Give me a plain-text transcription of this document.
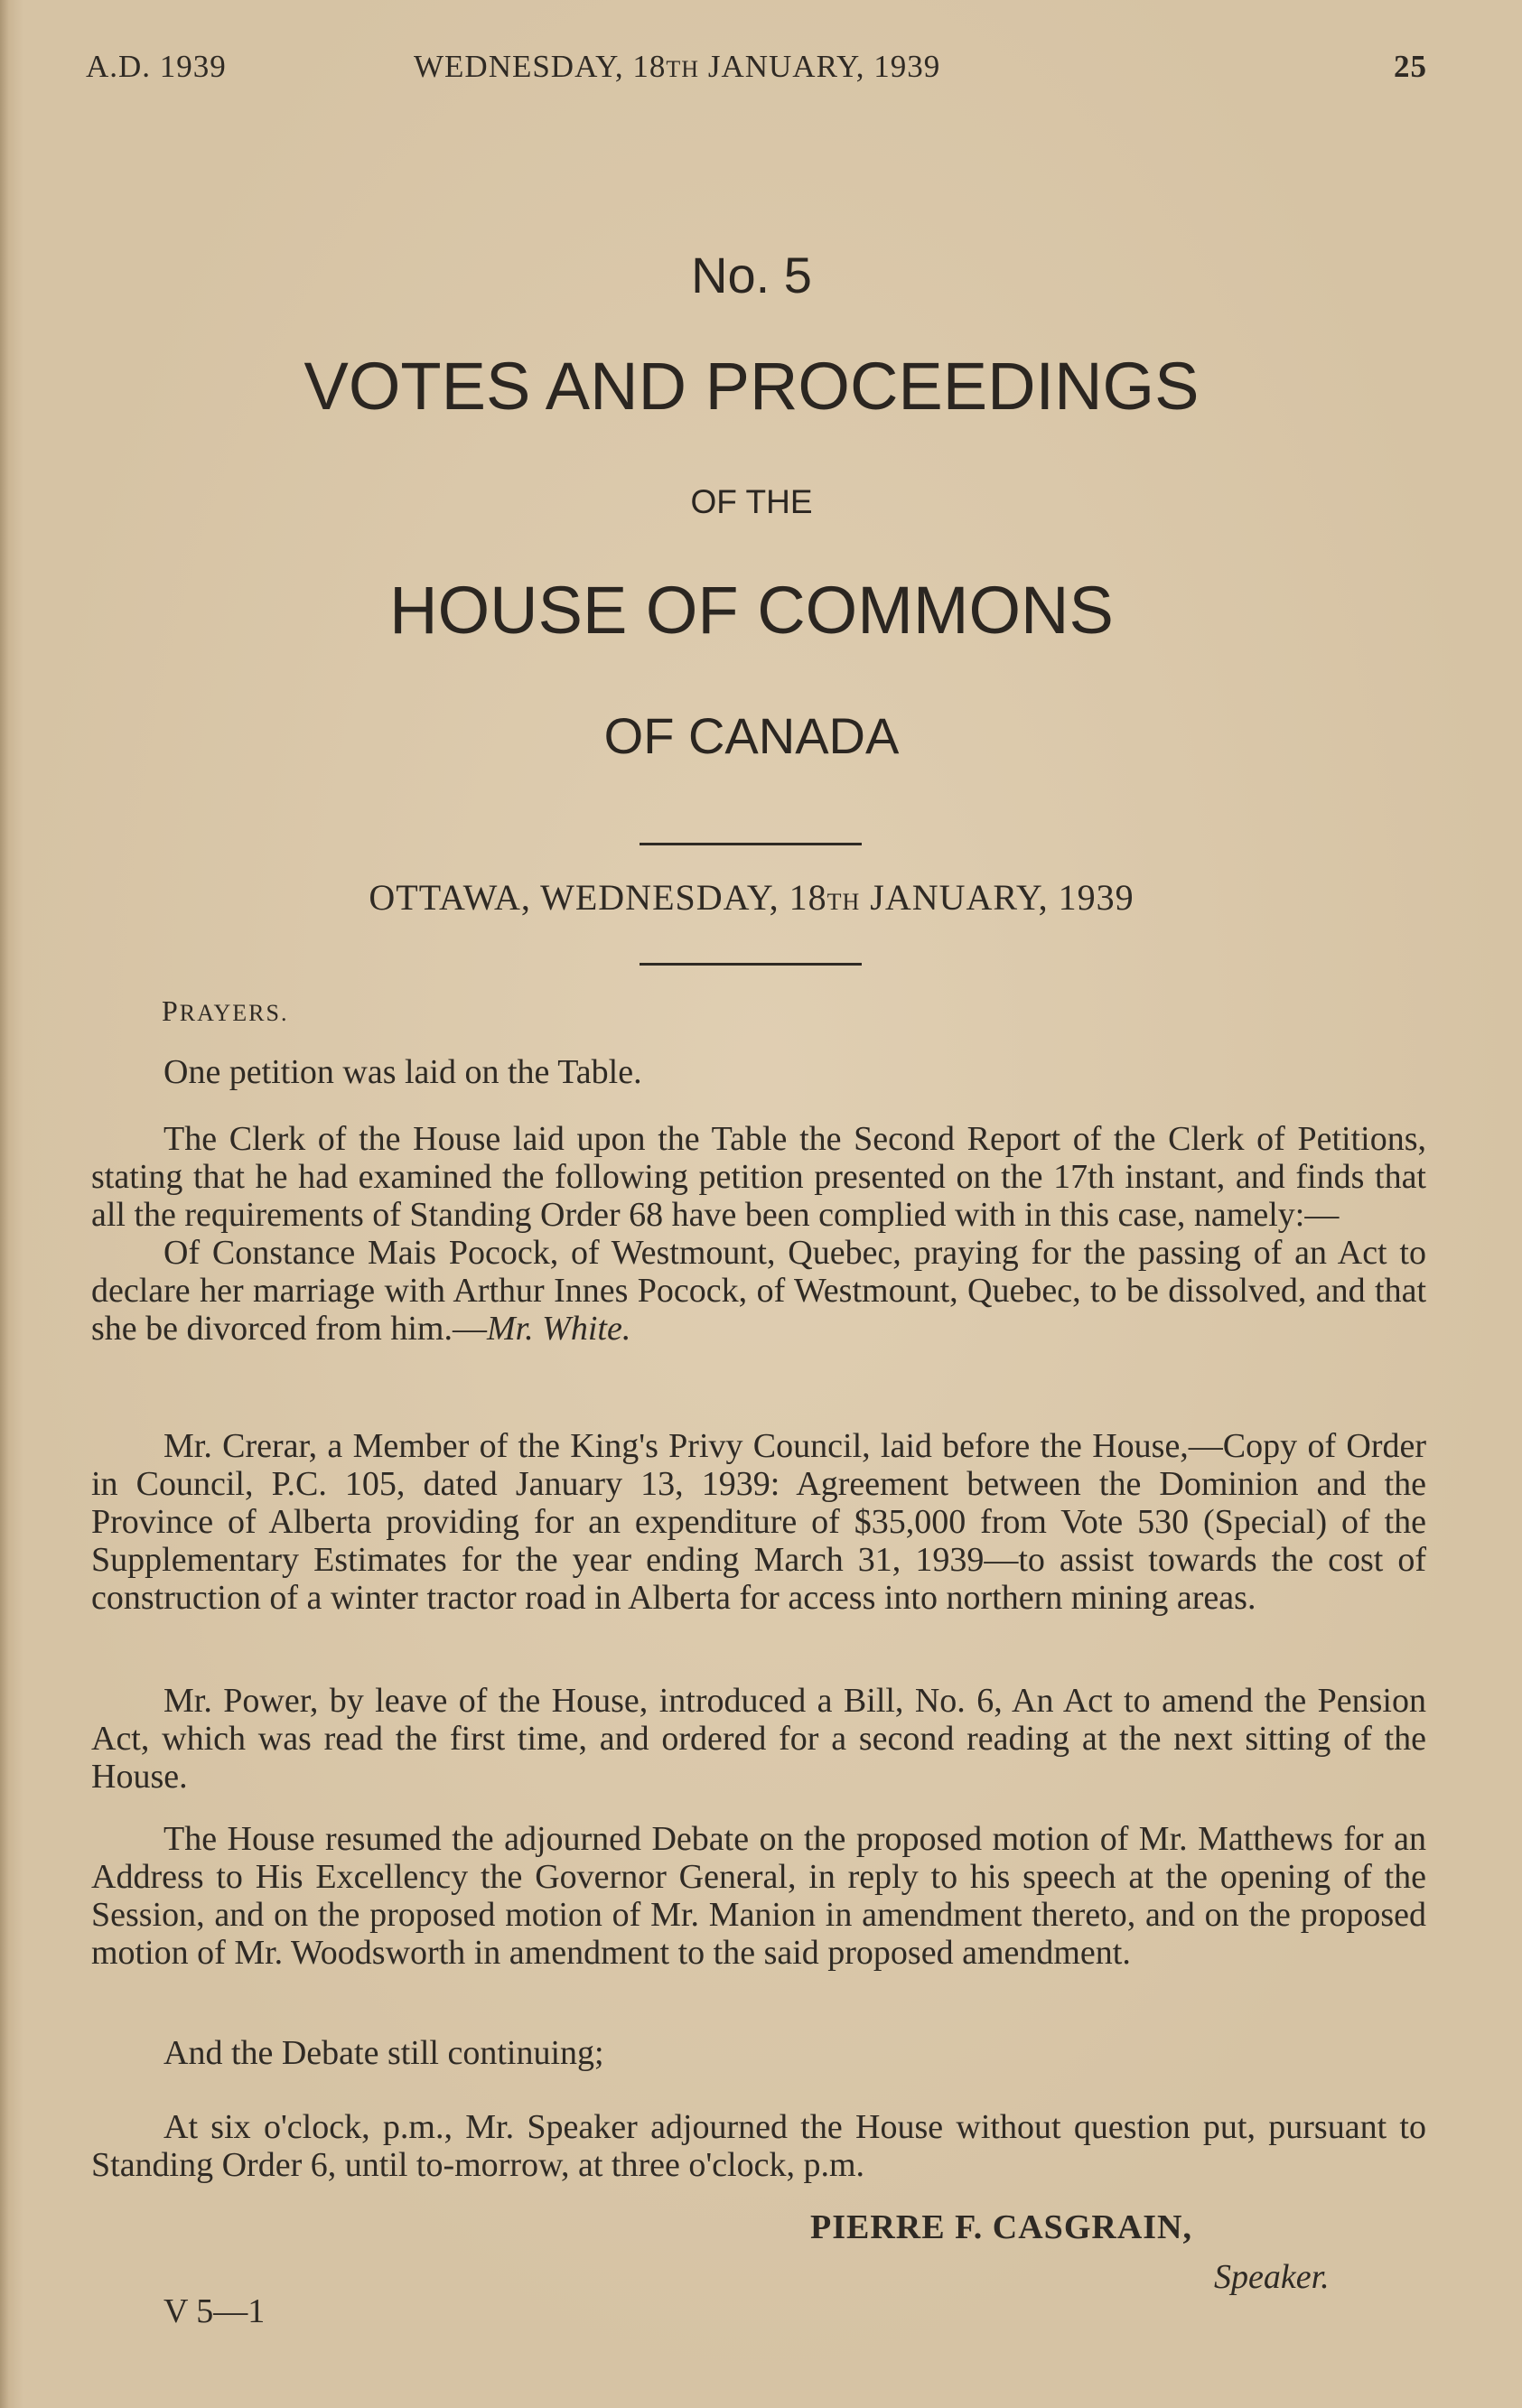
A.D. 1939	WEDNESDAY, 18TH JANUARY, 1939	25
No. 5
VOTES AND PROCEEDINGS
OF THE
HOUSE OF COMMONS
OF CANADA
OTTAWA, WEDNESDAY, 18TH JANUARY, 1939
PRAYERS.

One petition was laid on the Table.

The Clerk of the House laid upon the Table the Second Report of the Clerk of Petitions, stating that he had examined the following petition presented on the 17th instant, and finds that all the requirements of Standing Order 68 have been complied with in this case, namely:—

Of Constance Mais Pocock, of Westmount, Quebec, praying for the passing of an Act to declare her marriage with Arthur Innes Pocock, of Westmount, Quebec, to be dissolved, and that she be divorced from him.—Mr. White.

Mr. Crerar, a Member of the King's Privy Council, laid before the House,—Copy of Order in Council, P.C. 105, dated January 13, 1939: Agreement between the Dominion and the Province of Alberta providing for an expenditure of $35,000 from Vote 530 (Special) of the Supplementary Estimates for the year ending March 31, 1939—to assist towards the cost of construction of a winter tractor road in Alberta for access into northern mining areas.

Mr. Power, by leave of the House, introduced a Bill, No. 6, An Act to amend the Pension Act, which was read the first time, and ordered for a second reading at the next sitting of the House.

The House resumed the adjourned Debate on the proposed motion of Mr. Matthews for an Address to His Excellency the Governor General, in reply to his speech at the opening of the Session, and on the proposed motion of Mr. Manion in amendment thereto, and on the proposed motion of Mr. Woodsworth in amendment to the said proposed amendment.

And the Debate still continuing;

At six o'clock, p.m., Mr. Speaker adjourned the House without question put, pursuant to Standing Order 6, until to-morrow, at three o'clock, p.m.

PIERRE F. CASGRAIN,
Speaker.
V 5—1
